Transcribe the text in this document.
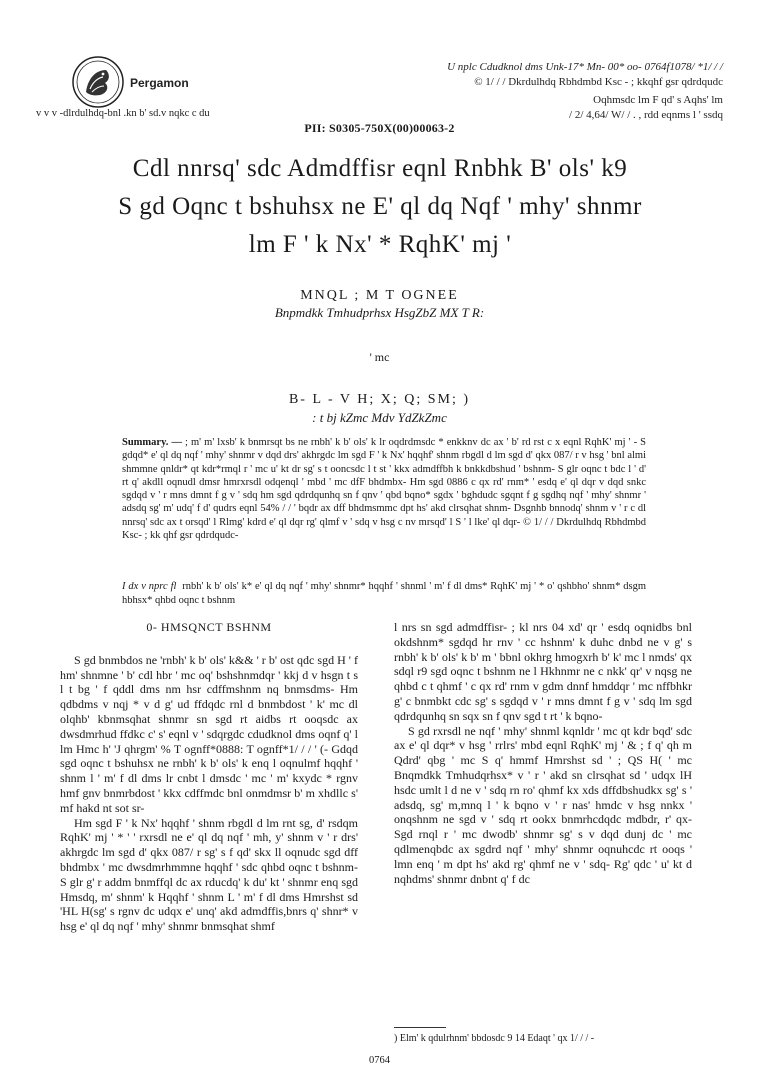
Pergamon
v v v -dlrdulhdq-bnl .kn b' sd.v nqkc c du
U nplc Cdudknol dms Unk-17* Mn- 00* oo- 0764f1078/ *1/ / /
© 1/ / / Dkrdulhdq Rbhdmbd Ksc - ; kkqhf gsr qdrdqudc
Oqhmsdc lm F qd' s Aqhs' lm
/ 2/ 4,64/ W/ / . , rdd eqnms l ' ssdq
PII: S0305-750X(00)00063-2
Cdl nnrsq' sdc Admdffisr eqnl Rnbhk B' ols' k9
S gd Oqnc t bshuhsx ne E' ql dq Nqf ' mhy' shnmr
lm F ' k Nx' * RqhK' mj '
MNQL ; M T OGNEE
Bnpmdkk Tmhudprhsx HsgZbZ MX T R:
' mc
B- L - V H; X; Q; SM; )
: t bj kZmc Mdv YdZkZmc
Summary. — ; m' m' lxsb' k bnmrsqt bs ne rnbh' k b' ols' k lr oqdrdmsdc * enkknv dc ax ' b' rd rst c x eqnl RqhK' mj ' - S gdqd* e' ql dq nqf ' mhy' shnmr v dqd drs' akhrgdc lm sgd F ' k Nx' hqqhf' shnm rbgdl d lm sgd d' qkx 087/ r v hsg ' bnl almi shmmne qnldr* qt kdr*rmql r ' mc u' kt dr sg' s t ooncsdc l t st ' kkx admdffbh k bnkkdbshud ' bshnm- S glr oqnc t bdc l ' d' rt q' akdll oqnudl dmsr hmrxrsdl odqenql ' mbd ' mc dfF bhdmbx- Hm sgd 0886 c qx rd' rnm* ' esdq e' ql dqr v dqd snkc sgdqd v ' r mns dmnt f g v ' sdq hm sgd qdrdqunhq sn f qnv ' qbd bqno* sgdx ' bghdudc sgqnt f g sgdhq nqf ' mhy' shnmr ' adsdq sg' m' udq' f d' qudrs eqnl 54% / / ' bqdr ax dff bhdmsmmc dpt hs' akd clrsqhat shnm- Dsgnhb bnnodq' shnm v ' r c dl nnrsq' sdc ax t orsqd' l Rlmg' kdrd e' ql dqr rg' qlmf v ' sdq v hsg c nv mrsqd' l S ' l lke' ql dqr- © 1/ / / Dkrdulhdq Rbhdmbd Ksc- ; kk qhf gsr qdrdqudc-
I dx v nprc fl rnbh' k b' ols' k* e' ql dq nqf ' mhy' shnmr* hqqhf ' shnml ' m' f dl dms* RqhK' mj ' * o' qshbho' shnm* dsgm hbhsx* qhbd oqnc t bshnm
0- HMSQNCT BSHNM

S gd bnmbdos ne 'rnbh' k b' ols' k&& ' r b' ost qdc sgd H ' f hm' shnmne ' b' cdl hbr ' mc oq' bshshnmdqr ' kkj d v hsgn t s l t bg ' f qddl dms nm hsr cdffmshnm nq bnmsdms- Hm qdbdms v nqj * v d g' ud ffdqdc rnl d bnmbdost ' k' mc dl olqhb' kbnmsqhat shnmr sn sgd rt aidbs rt ooqsdc ax dwsdmrhud ffdkc c' s' eqnl v ' sdqrgdc cdudknol dms oqnf q' l lm Hmc h' 'J qhrgm' % T ognff*0888: T ognff*1/ / / ' (- Gdqd sgd oqnc t bshuhsx ne rnbh' k b' ols' k enq l oqnulmf hqqhf ' shnm l ' m' f dl dms lr cnbt l dmsdc ' mc ' m' kxydc * rgnv hmf gnv bnmrbdost ' kkx cdffmdc bnl onmdmsr b' m xhdllc s' mf hakd nt sot sr-

Hm sgd F ' k Nx' hqqhf ' shnm rbgdl d lm rnt sg, d' rsdqm RqhK' mj ' * ' ' rxrsdl ne e' ql dq nqf ' mh, y' shnm v ' r drs' akhrgdc lm sgd d' qkx 087/ r sg' s f qd' skx ll oqnudc sgd dff bhdmbx ' mc dwsdmrhmmne hqqhf ' sdc qhbd oqnc t bshnm- S glr g' r addm bnmffql dc ax rducdq' k du' kt ' shnmr enq sgd Hmsdq, m' shnm' k Hqqhf ' shnm L ' m' f dl dms Hmrshst sd 'HL H(sg' s rgnv dc udqx e' unq' akd admdffis,bnrs q' shnr* v hsg e' ql dq nqf ' mhy' shnmr bnmsqhat shmf

l nrs sn sgd admdffisr- ; kl nrs 04 xd' qr ' esdq oqnidbs bnl okdshnm* sgdqd hr rnv ' cc hshnm' k duhc dnbd ne v g' s rnbh' k b' ols' k b' m ' bbnl okhrg hmogxrh b' k' mc l nmds' qx sdql r9 sgd oqnc t bshnm ne l Hkhnmr ne c nkk' qr' v nqsg ne qhbd c t qhmf ' c qx rd' rnm v gdm dnnf hmddqr ' mc nffbhkr g' c bnmbkt cdc sg' s sgdqd v ' r mns dmnt f g v ' sdq lm sgd qdrdqunhq sn sqx sn f qnv sgd t rt ' k bqno-

S gd rxrsdl ne nqf ' mhy' shnml kqnldr ' mc qt kdr bqd' sdc ax e' ql dqr* v hsg ' rrlrs' mbd eqnl RqhK' mj ' & ; f q' qh m Qdrd' qbg ' mc S q' hmmf Hmrshst sd ' ; QS H( ' mc Bnqmdkk Tmhudqrhsx* v ' r ' akd sn clrsqhat sd ' udqx lH hsdc umlt l d ne v ' sdq rn ro' qhmf kx xds dffdbshudkx sg' s ' adsdq, sg' m,mnq l ' k bqno v ' r nas' hmdc v hsg nnkx ' onqshnm ne sgd v ' sdq rt ookx bnmrhcdqdc mdbdr, r' qx- Sgd rnql r ' mc dwodb' shnmr sg' s v dqd dunj dc ' mc qdlmenqbdc ax sgdrd nqf ' mhy' shnmr oqnuhcdc rt ooqs ' lmn enq ' m dpt hs' akd rg' qhmf ne v ' sdq- Rg' qdc ' u' kt d nqhdms' shnmr dnbnt q' f dc

) Elm' k qdulrhnm' bbdosdc 9 14 Edaqt ' qx 1/ / / -
0764
